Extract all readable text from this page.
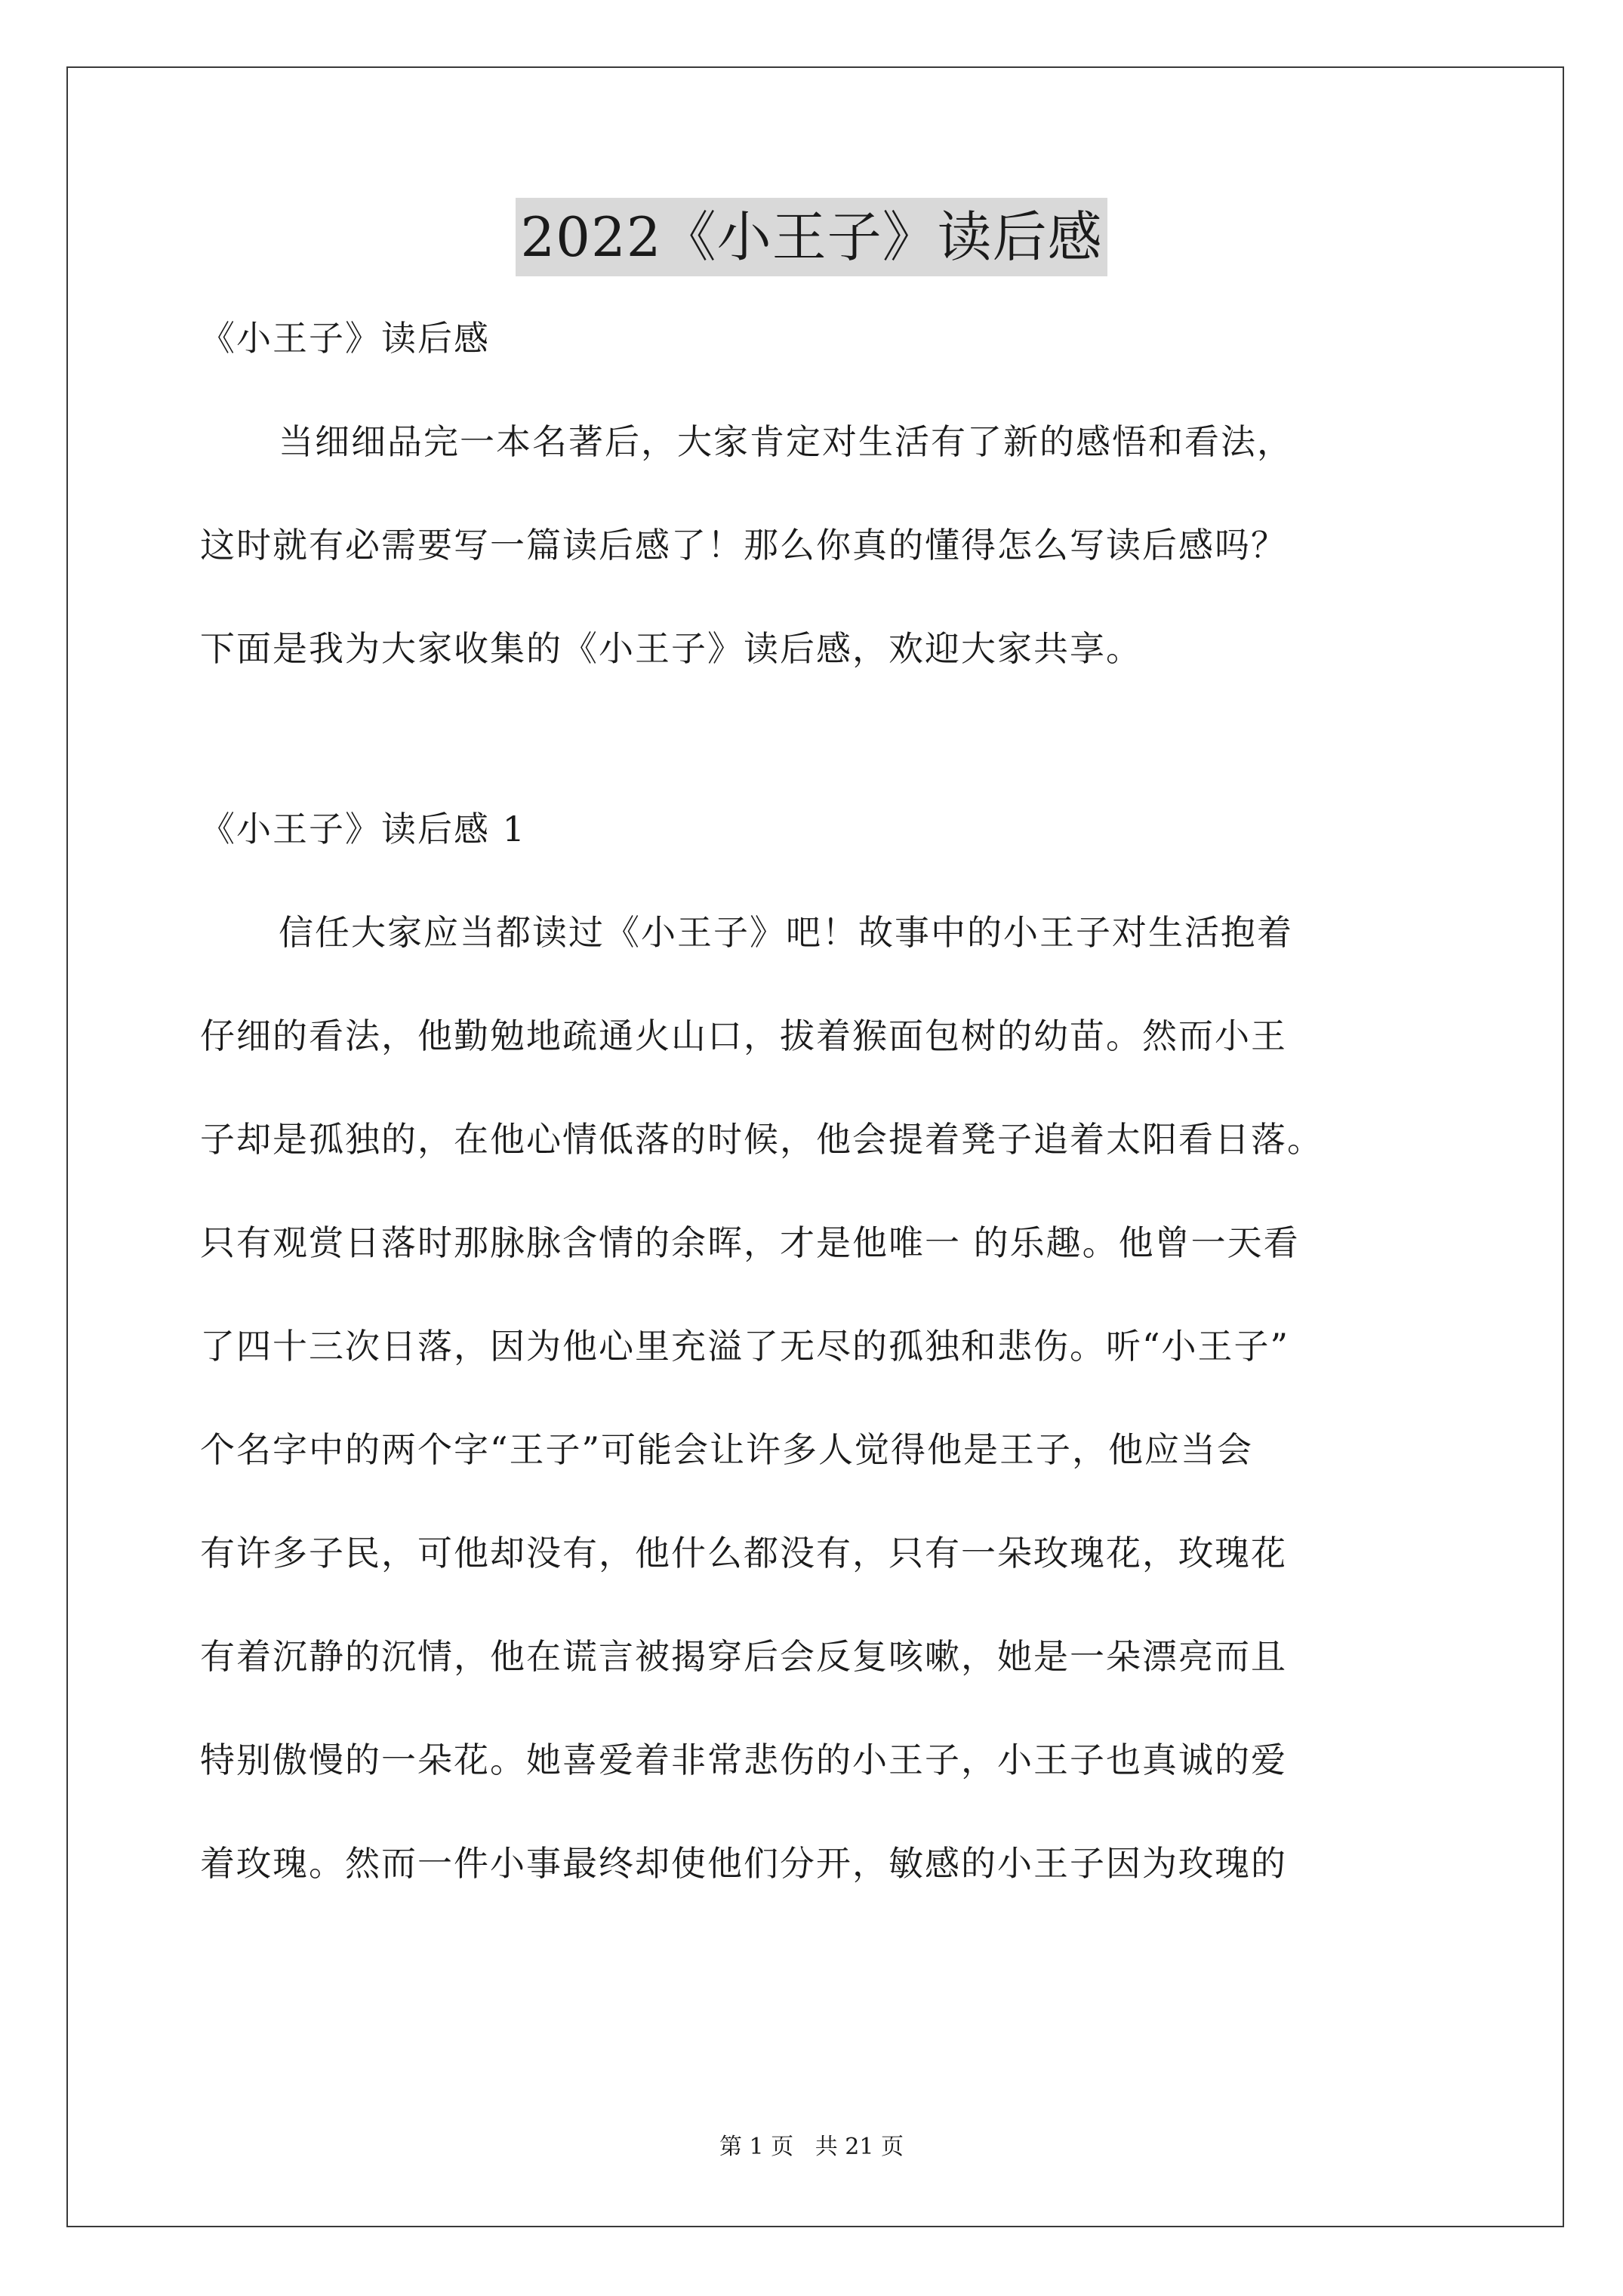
2022《小王子》读后感
《小王子》读后感
当细细品完一本名著后，大家肯定对生活有了新的感悟和看法，
这时就有必需要写一篇读后感了！那么你真的懂得怎么写读后感吗？
下面是我为大家收集的《小王子》读后感，欢迎大家共享。
《小王子》读后感 1
信任大家应当都读过《小王子》吧！故事中的小王子对生活抱着
仔细的看法，他勤勉地疏通火山口，拔着猴面包树的幼苗。然而小王
子却是孤独的，在他心情低落的时候，他会提着凳子追着太阳看日落。
只有观赏日落时那脉脉含情的余晖，才是他唯一 的乐趣。他曾一天看
了四十三次日落，因为他心里充溢了无尽的孤独和悲伤。听“小王子”
个名字中的两个字“王子”可能会让许多人觉得他是王子，他应当会
有许多子民，可他却没有，他什么都没有，只有一朵玫瑰花，玫瑰花
有着沉静的沉情，他在谎言被揭穿后会反复咳嗽，她是一朵漂亮而且
特别傲慢的一朵花。她喜爱着非常悲伤的小王子，小王子也真诚的爱
着玫瑰。然而一件小事最终却使他们分开，敏感的小王子因为玫瑰的
第 1 页   共 21 页
